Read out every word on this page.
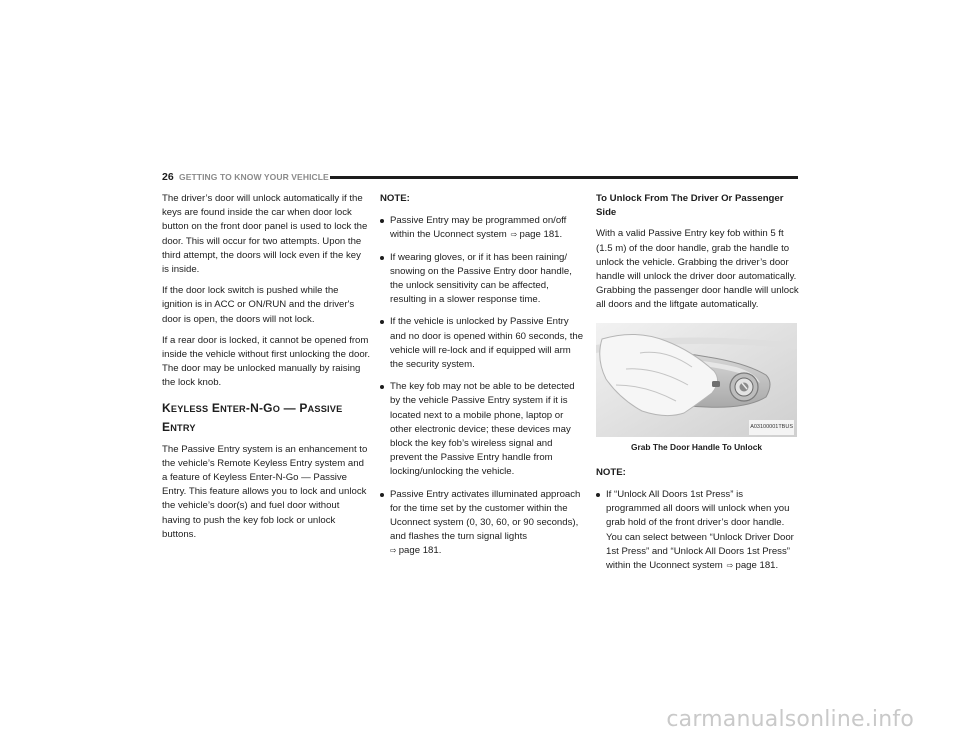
26 GETTING TO KNOW YOUR VEHICLE

The driver’s door will unlock automatically if the keys are found inside the car when door lock button on the front door panel is used to lock the door. This will occur for two attempts. Upon the third attempt, the doors will lock even if the key is inside.

If the door lock switch is pushed while the ignition is in ACC or ON/RUN and the driver's door is open, the doors will not lock.

If a rear door is locked, it cannot be opened from inside the vehicle without first unlocking the door. The door may be unlocked manually by raising the lock knob.

KEYLESS ENTER-N-GO — PASSIVE
ENTRY

The Passive Entry system is an enhancement to the vehicle’s Remote Keyless Entry system and a feature of Keyless Enter-N-Go — Passive Entry. This feature allows you to lock and unlock the vehicle’s door(s) and fuel door without having to push the key fob lock or unlock buttons.

NOTE:
Passive Entry may be programmed on/off within the Uconnect system ⇨ page 181.
If wearing gloves, or if it has been raining/ snowing on the Passive Entry door handle, the unlock sensitivity can be affected, resulting in a slower response time.
If the vehicle is unlocked by Passive Entry and no door is opened within 60 seconds, the vehicle will re-lock and if equipped will arm the security system.
The key fob may not be able to be detected by the vehicle Passive Entry system if it is located next to a mobile phone, laptop or other electronic device; these devices may block the key fob’s wireless signal and prevent the Passive Entry handle from locking/unlocking the vehicle.
Passive Entry activates illuminated approach for the time set by the customer within the Uconnect system (0, 30, 60, or 90 seconds), and flashes the turn signal lights
⇨ page 181.
To Unlock From The Driver Or Passenger Side

With a valid Passive Entry key fob within 5 ft (1.5 m) of the door handle, grab the handle to unlock the vehicle. Grabbing the driver’s door handle will unlock the driver door automatically. Grabbing the passenger door handle will unlock all doors and the liftgate automatically.

A03100001TBUS
Grab The Door Handle To Unlock
NOTE:
If “Unlock All Doors 1st Press” is programmed all doors will unlock when you grab hold of the front driver’s door handle. You can select between “Unlock Driver Door 1st Press” and “Unlock All Doors 1st Press” within the Uconnect system ⇨ page 181.
carmanualsonline.info
